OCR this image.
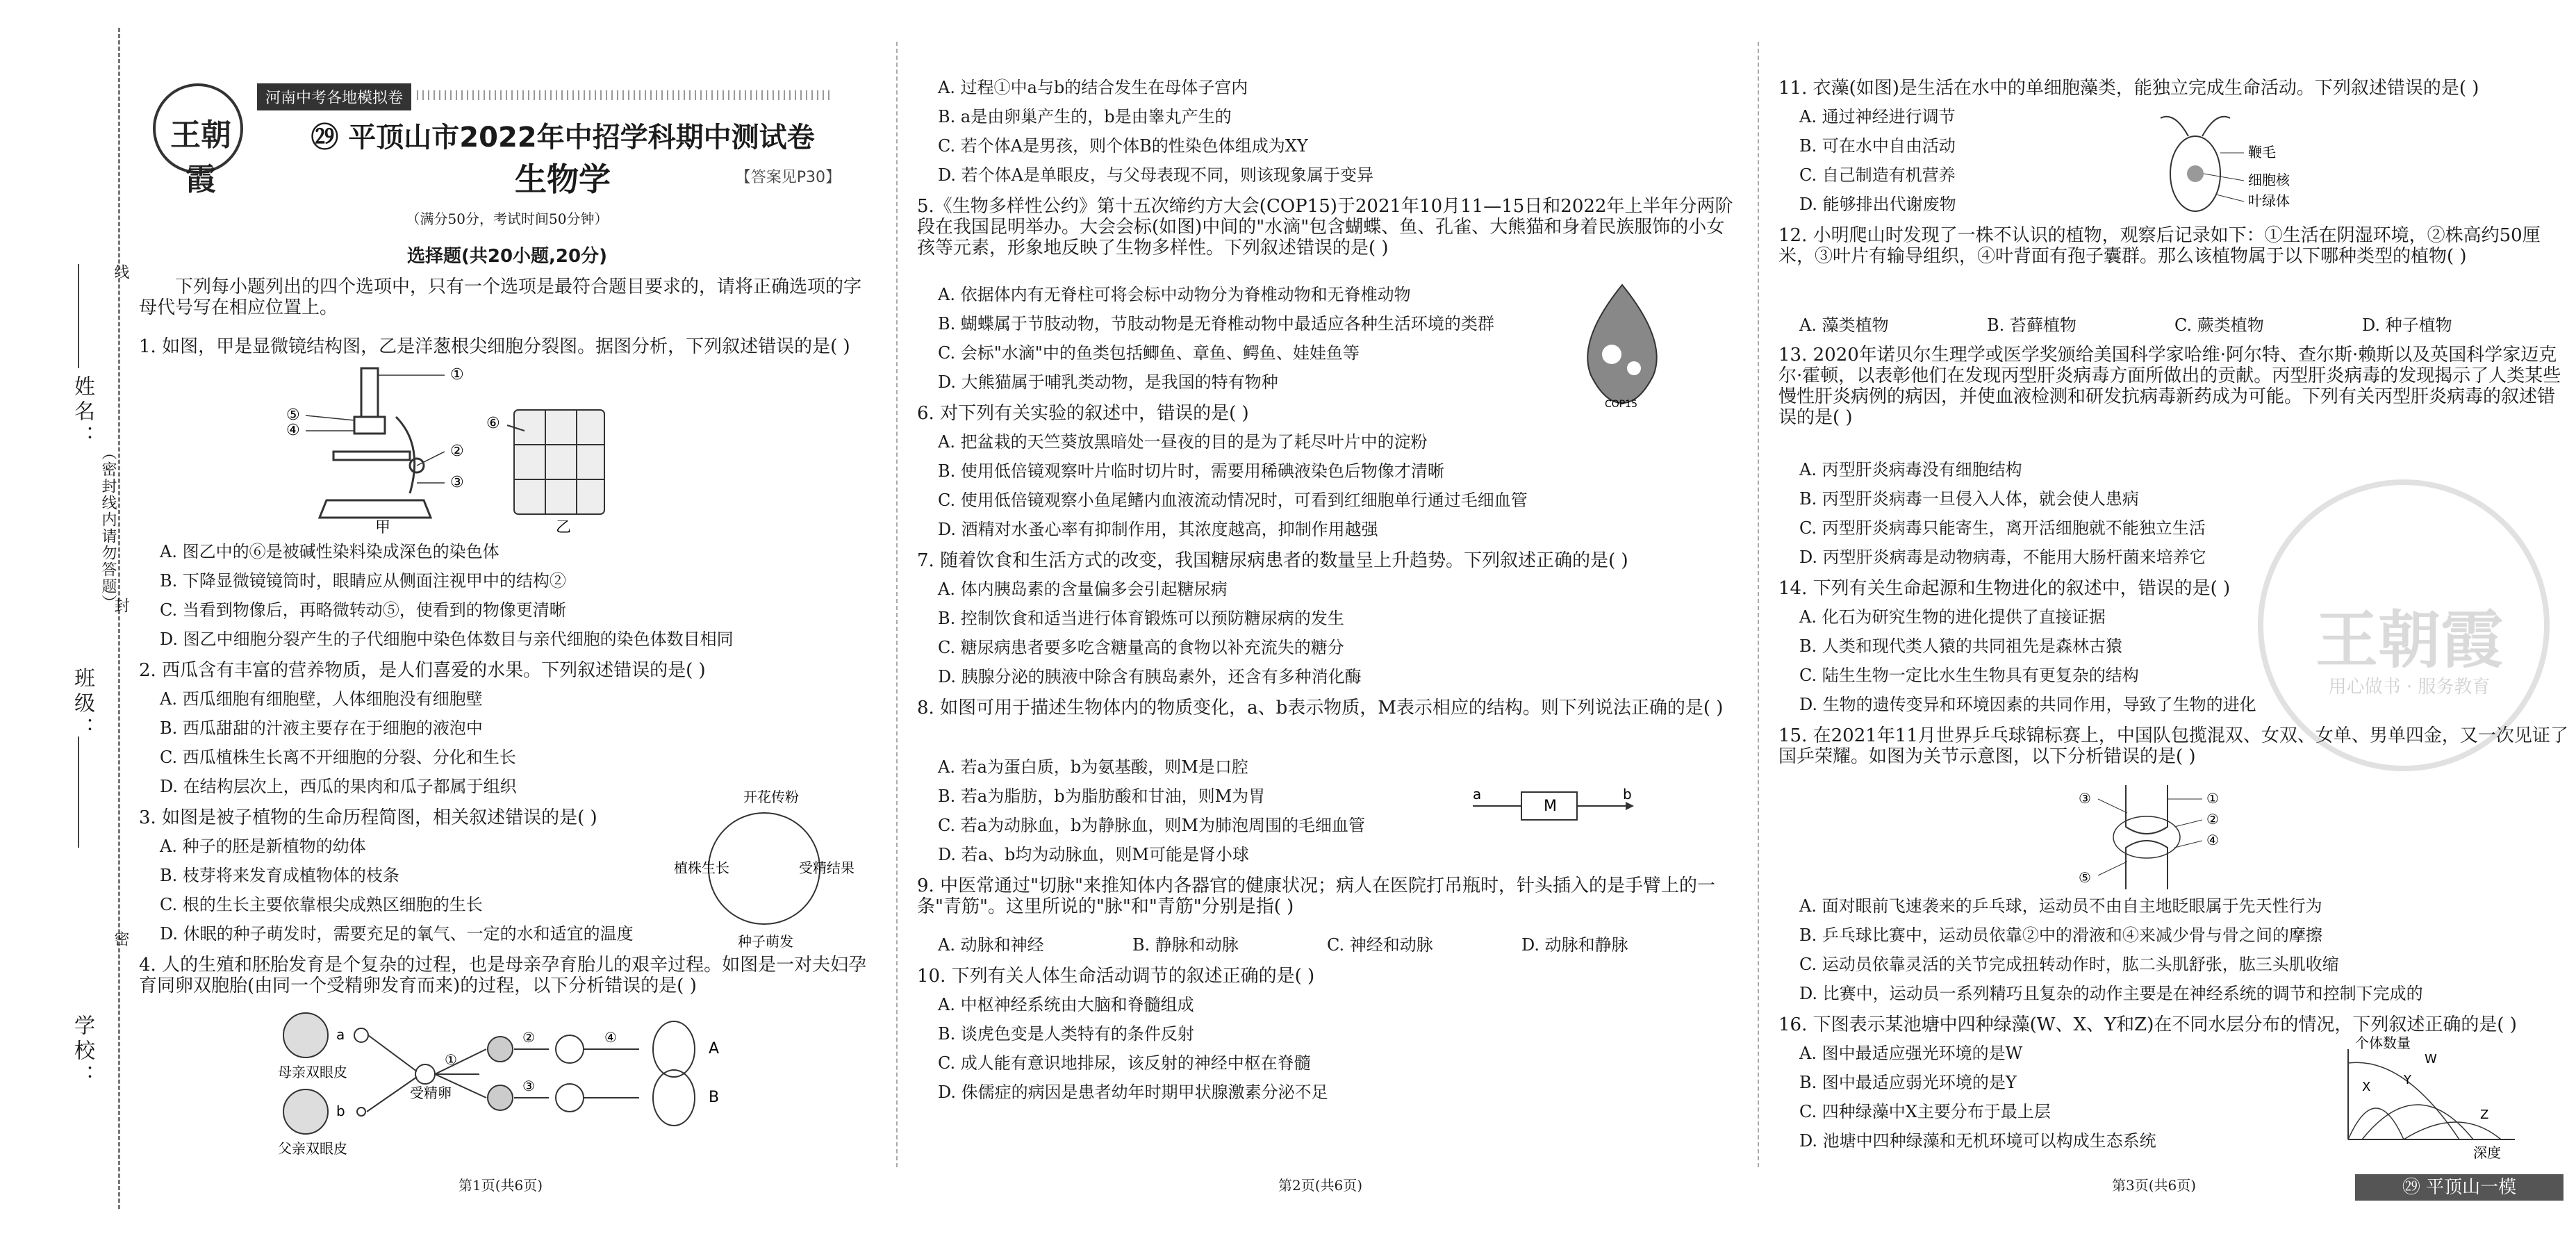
姓名：
班级：
学校：
（密封线内请勿答题）
线
封
密
王朝霞
河南中考各地模拟卷
㉙ 平顶山市2022年中招学科期中测试卷
生物学	【答案见P30】
（满分50分，考试时间50分钟）
选择题(共20小题,20分)
下列每小题列出的四个选项中，只有一个选项是最符合题目要求的，请将正确选项的字母代号写在相应位置上。
1. 如图，甲是显微镜结构图，乙是洋葱根尖细胞分裂图。据图分析，下列叙述错误的是( )
①
②
③
④
⑤	⑥
甲	乙
A. 图乙中的⑥是被碱性染料染成深色的染色体
B. 下降显微镜镜筒时，眼睛应从侧面注视甲中的结构②
C. 当看到物像后，再略微转动⑤，使看到的物像更清晰
D. 图乙中细胞分裂产生的子代细胞中染色体数目与亲代细胞的染色体数目相同
2. 西瓜含有丰富的营养物质，是人们喜爱的水果。下列叙述错误的是( )
A. 西瓜细胞有细胞壁，人体细胞没有细胞壁
B. 西瓜甜甜的汁液主要存在于细胞的液泡中
C. 西瓜植株生长离不开细胞的分裂、分化和生长
D. 在结构层次上，西瓜的果肉和瓜子都属于组织
3. 如图是被子植物的生命历程简图，相关叙述错误的是( )
A. 种子的胚是新植物的幼体
B. 枝芽将来发育成植物体的枝条
C. 根的生长主要依靠根尖成熟区细胞的生长
D. 休眠的种子萌发时，需要充足的氧气、一定的水和适宜的温度
开花传粉
受精结果
种子萌发
植株生长
4. 人的生殖和胚胎发育是个复杂的过程，也是母亲孕育胎儿的艰辛过程。如图是一对夫妇孕育同卵双胞胎(由同一个受精卵发育而来)的过程，以下分析错误的是( )
母亲双眼皮
父亲双眼皮
a
b
①
②
③
④
A
B
受精卵
第1页(共6页)
A. 过程①中a与b的结合发生在母体子宫内
B. a是由卵巢产生的，b是由睾丸产生的
C. 若个体A是男孩，则个体B的性染色体组成为XY
D. 若个体A是单眼皮，与父母表现不同，则该现象属于变异
5.《生物多样性公约》第十五次缔约方大会(COP15)于2021年10月11—15日和2022年上半年分两阶段在我国昆明举办。大会会标(如图)中间的"水滴"包含蝴蝶、鱼、孔雀、大熊猫和身着民族服饰的小女孩等元素，形象地反映了生物多样性。下列叙述错误的是( )
A. 依据体内有无脊柱可将会标中动物分为脊椎动物和无脊椎动物
B. 蝴蝶属于节肢动物，节肢动物是无脊椎动物中最适应各种生活环境的类群
C. 会标"水滴"中的鱼类包括鲫鱼、章鱼、鳄鱼、娃娃鱼等
D. 大熊猫属于哺乳类动物，是我国的特有物种
COP15
6. 对下列有关实验的叙述中，错误的是( )
A. 把盆栽的天竺葵放黑暗处一昼夜的目的是为了耗尽叶片中的淀粉
B. 使用低倍镜观察叶片临时切片时，需要用稀碘液染色后物像才清晰
C. 使用低倍镜观察小鱼尾鳍内血液流动情况时，可看到红细胞单行通过毛细血管
D. 酒精对水蚤心率有抑制作用，其浓度越高，抑制作用越强
7. 随着饮食和生活方式的改变，我国糖尿病患者的数量呈上升趋势。下列叙述正确的是( )
A. 体内胰岛素的含量偏多会引起糖尿病
B. 控制饮食和适当进行体育锻炼可以预防糖尿病的发生
C. 糖尿病患者要多吃含糖量高的食物以补充流失的糖分
D. 胰腺分泌的胰液中除含有胰岛素外，还含有多种消化酶
8. 如图可用于描述生物体内的物质变化，a、b表示物质，M表示相应的结构。则下列说法正确的是( )
A. 若a为蛋白质，b为氨基酸，则M是口腔
B. 若a为脂肪，b为脂肪酸和甘油，则M为胃
C. 若a为动脉血，b为静脉血，则M为肺泡周围的毛细血管
D. 若a、b均为动脉血，则M可能是肾小球
a
M
b
9. 中医常通过"切脉"来推知体内各器官的健康状况；病人在医院打吊瓶时，针头插入的是手臂上的一条"青筋"。这里所说的"脉"和"青筋"分别是指( )
A. 动脉和神经	B. 静脉和动脉	C. 神经和动脉	D. 动脉和静脉
10. 下列有关人体生命活动调节的叙述正确的是( )
A. 中枢神经系统由大脑和脊髓组成
B. 谈虎色变是人类特有的条件反射
C. 成人能有意识地排尿，该反射的神经中枢在脊髓
D. 侏儒症的病因是患者幼年时期甲状腺激素分泌不足
第2页(共6页)
王朝霞
用心做书 · 服务教育
11. 衣藻(如图)是生活在水中的单细胞藻类，能独立完成生命活动。下列叙述错误的是( )
A. 通过神经进行调节
B. 可在水中自由活动
C. 自己制造有机营养
D. 能够排出代谢废物
鞭毛
细胞核
叶绿体
12. 小明爬山时发现了一株不认识的植物，观察后记录如下：①生活在阴湿环境，②株高约50厘米，③叶片有输导组织，④叶背面有孢子囊群。那么该植物属于以下哪种类型的植物( )
A. 藻类植物	B. 苔藓植物	C. 蕨类植物	D. 种子植物
13. 2020年诺贝尔生理学或医学奖颁给美国科学家哈维·阿尔特、查尔斯·赖斯以及英国科学家迈克尔·霍顿，以表彰他们在发现丙型肝炎病毒方面所做出的贡献。丙型肝炎病毒的发现揭示了人类某些慢性肝炎病例的病因，并使血液检测和研发抗病毒新药成为可能。下列有关丙型肝炎病毒的叙述错误的是( )
A. 丙型肝炎病毒没有细胞结构
B. 丙型肝炎病毒一旦侵入人体，就会使人患病
C. 丙型肝炎病毒只能寄生，离开活细胞就不能独立生活
D. 丙型肝炎病毒是动物病毒，不能用大肠杆菌来培养它
14. 下列有关生命起源和生物进化的叙述中，错误的是( )
A. 化石为研究生物的进化提供了直接证据
B. 人类和现代类人猿的共同祖先是森林古猿
C. 陆生生物一定比水生生物具有更复杂的结构
D. 生物的遗传变异和环境因素的共同作用，导致了生物的进化
15. 在2021年11月世界乒乓球锦标赛上，中国队包揽混双、女双、女单、男单四金，又一次见证了国乒荣耀。如图为关节示意图，以下分析错误的是( )
①
②
③
④
⑤
A. 面对眼前飞速袭来的乒乓球，运动员不由自主地眨眼属于先天性行为
B. 乒乓球比赛中，运动员依靠②中的滑液和④来减少骨与骨之间的摩擦
C. 运动员依靠灵活的关节完成扭转动作时，肱二头肌舒张，肱三头肌收缩
D. 比赛中，运动员一系列精巧且复杂的动作主要是在神经系统的调节和控制下完成的
16. 下图表示某池塘中四种绿藻(W、X、Y和Z)在不同水层分布的情况，下列叙述正确的是( )
A. 图中最适应强光环境的是W
B. 图中最适应弱光环境的是Y
C. 四种绿藻中X主要分布于最上层
D. 池塘中四种绿藻和无机环境可以构成生态系统
个体数量
深度
W
X	Y
Z
第3页(共6页)	㉙ 平顶山一模
